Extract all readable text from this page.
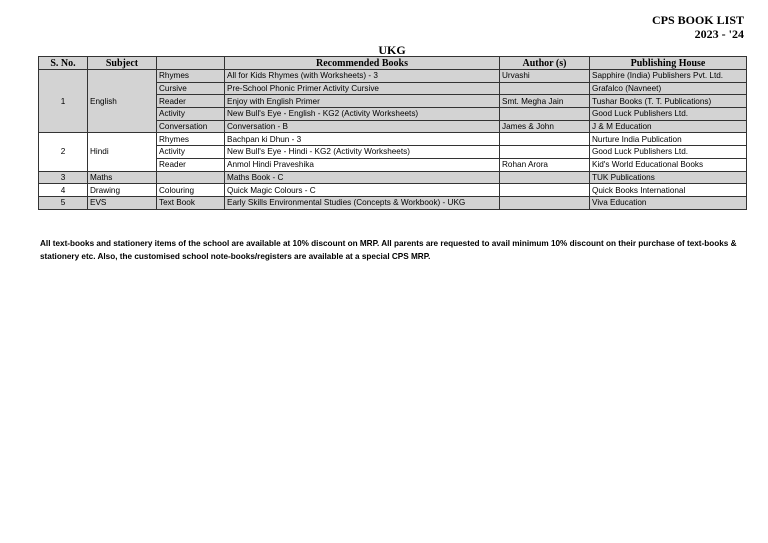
CPS BOOK LIST
2023 - '24
UKG
S. No.	Subject		Recommended Books	Author (s)	Publishing House
1	English	Rhymes	All for Kids Rhymes (with Worksheets) - 3	Urvashi	Sapphire (India) Publishers Pvt. Ltd.
		Cursive	Pre-School Phonic Primer Activity Cursive		Grafalco (Navneet)
		Reader	Enjoy with English Primer	Smt. Megha Jain	Tushar Books (T. T. Publications)
		Activity	New Bull's Eye - English - KG2 (Activity Worksheets)		Good Luck Publishers Ltd.
		Conversation	Conversation - B	James & John	J & M Education
2	Hindi	Rhymes	Bachpan ki Dhun - 3		Nurture India Publication
		Activity	New Bull's Eye - Hindi - KG2 (Activity Worksheets)		Good Luck Publishers Ltd.
		Reader	Anmol Hindi Praveshika	Rohan Arora	Kid's World Educational Books
3	Maths		Maths Book - C		TUK Publications
4	Drawing	Colouring	Quick Magic Colours - C		Quick Books International
5	EVS	Text Book	Early Skills Environmental Studies (Concepts & Workbook) - UKG		Viva Education
All text-books and stationery items of the school are available at 10% discount on MRP. All parents are requested to avail minimum 10% discount on their purchase of text-books & stationery etc. Also, the customised school note-books/registers are available at a special CPS MRP.
